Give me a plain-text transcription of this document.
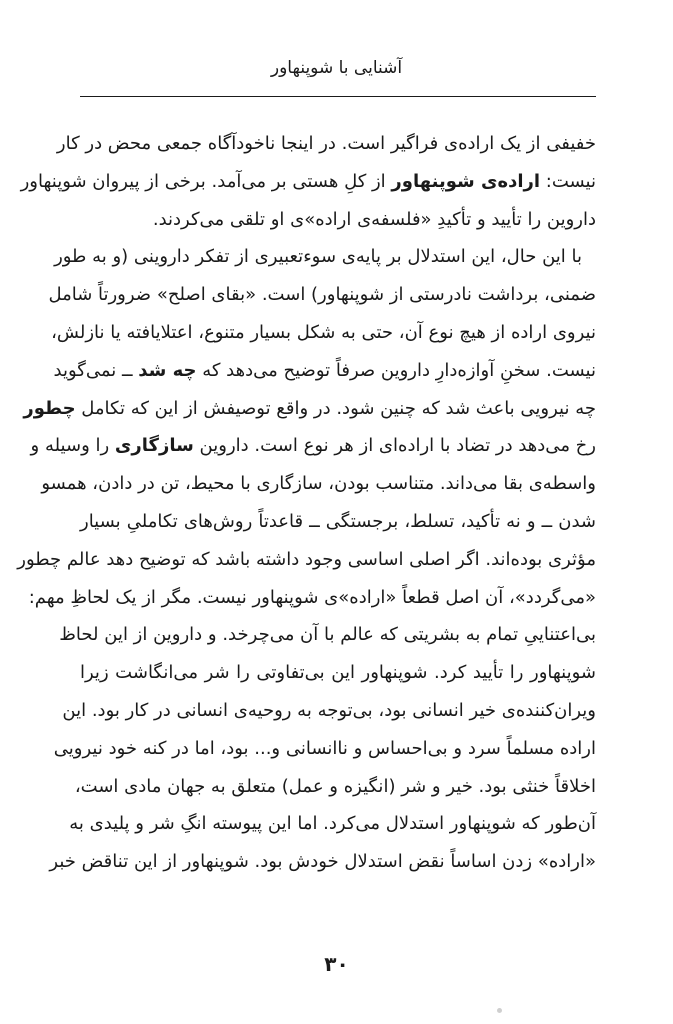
آشنایی با شوپنهاور
خفیفی از یک اراده‌ی فراگیر است. در اینجا ناخودآگاه جمعی محض در کار
نیست: اراده‌ی شوپنهاور از کلِ هستی بر می‌آمد. برخی از پیروان شوپنهاور
داروین را تأیید و تأکیدِ «فلسفه‌ی اراده»ی او تلقی می‌کردند.
با این حال، این استدلال بر پایه‌ی سوءتعبیری از تفکر داروینی (و به طور
ضمنی، برداشت نادرستی از شوپنهاور) است. «بقای اصلح» ضرورتاً شامل
نیروی اراده از هیچ نوع آن، حتی به شکل بسیار متنوع، اعتلایافته یا نازلش،
نیست. سخنِ آوازه‌دارِ داروین صرفاً توضیح می‌دهد که چه شد ــ نمی‌گوید
چه نیرویی باعث شد که چنین شود. در واقع توصیفش از این که تکامل چطور
رخ می‌دهد در تضاد با اراده‌ای از هر نوع است. داروین سازگاری را وسیله و
واسطه‌ی بقا می‌داند. متناسب بودن، سازگاری با محیط، تن در دادن، همسو
شدن ــ و نه تأکید، تسلط، برجستگی ــ قاعدتاً روش‌های تکاملیِ بسیار
مؤثری بوده‌اند. اگر اصلی اساسی وجود داشته باشد که توضیح دهد عالم چطور
«می‌گردد»، آن اصل قطعاً «اراده»ی شوپنهاور نیست. مگر از یک لحاظِ مهم:
بی‌اعتناییِ تمام به بشریتی که عالم با آن می‌چرخد. و داروین از این لحاظ
شوپنهاور را تأیید کرد. شوپنهاور این بی‌تفاوتی را شر می‌انگاشت زیرا
ویران‌کننده‌ی خیر انسانی بود، بی‌توجه به روحیه‌ی انسانی در کار بود. این
اراده مسلماً سرد و بی‌احساس و ناانسانی و... بود، اما در کنه خود نیرویی
اخلاقاً خنثی بود. خیر و شر (انگیزه و عمل) متعلق به جهان مادی است،
آن‌طور که شوپنهاور استدلال می‌کرد. اما این پیوسته انگِ شر و پلیدی به
«اراده» زدن اساساً نقض استدلال خودش بود. شوپنهاور از این تناقض خبر
۳۰
